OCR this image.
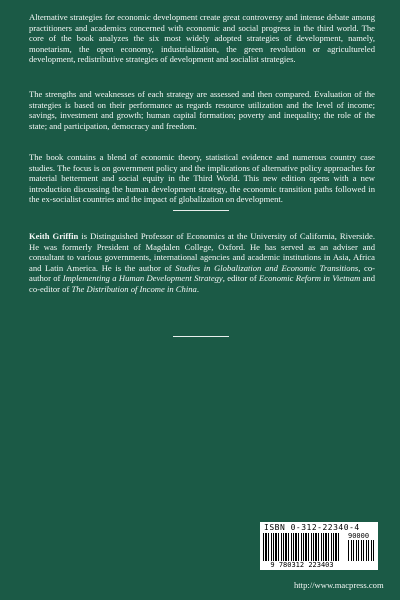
Alternative strategies for economic development create great controversy and intense debate among practitioners and academics concerned with economic and social progress in the third world. The core of the book analyzes the six most widely adopted strategies of development, namely, monetarism, the open economy, industrialization, the green revolution or agricultureled development, redistributive strategies of development and socialist strategies.

The strengths and weaknesses of each strategy are assessed and then compared. Evaluation of the strategies is based on their performance as regards resource utilization and the level of income; savings, investment and growth; human capital formation; poverty and inequality; the role of the state; and participation, democracy and freedom.

The book contains a blend of economic theory, statistical evidence and numerous country case studies. The focus is on government policy and the implications of alternative policy approaches for material betterment and social equity in the Third World. This new edition opens with a new introduction discussing the human development strategy, the economic transition paths followed in the ex-socialist countries and the impact of globalization on development.

Keith Griffin is Distinguished Professor of Economics at the University of California, Riverside. He was formerly President of Magdalen College, Oxford. He has served as an adviser and consultant to various governments, international agencies and academic institutions in Asia, Africa and Latin America. He is the author of Studies in Globalization and Economic Transitions, co-author of Implementing a Human Development Strategy, editor of Economic Reform in Vietnam and co-editor of The Distribution of Income in China.

ISBN 0-312-22340-4
90000
9 780312 223403
http://www.macpress.com
